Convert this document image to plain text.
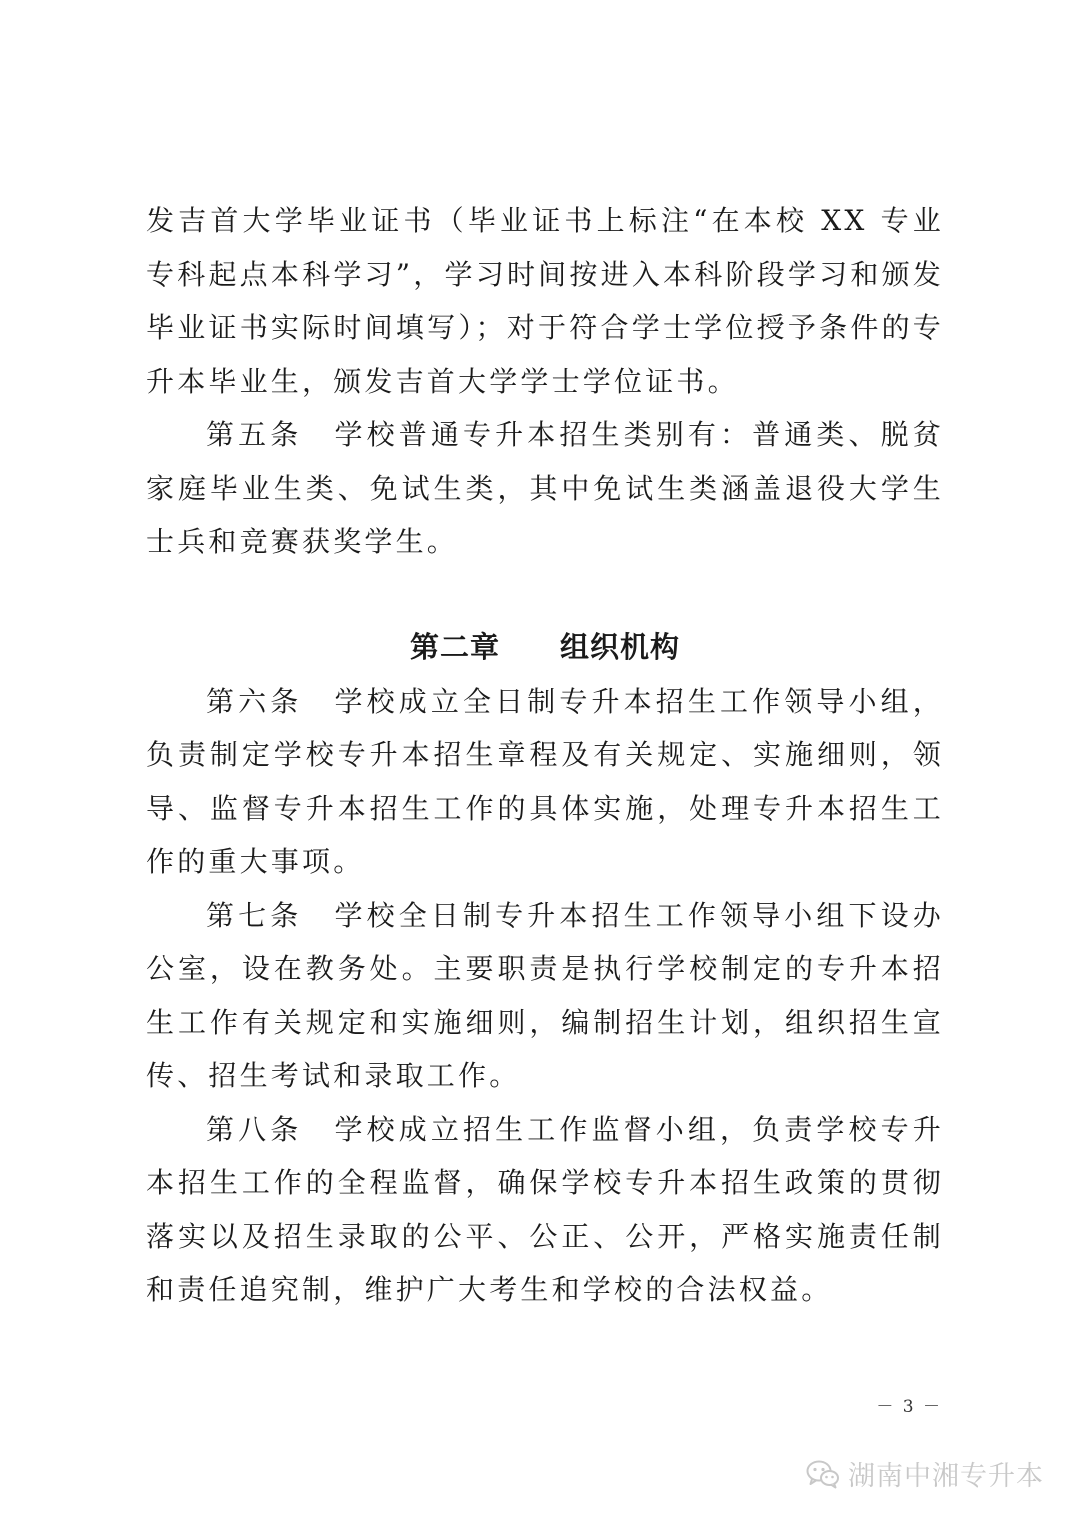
发吉首大学毕业证书（毕业证书上标注“在本校 XX 专业专科起点本科学习”，学习时间按进入本科阶段学习和颁发毕业证书实际时间填写）；对于符合学士学位授予条件的专升本毕业生，颁发吉首大学学士学位证书。

第五条　学校普通专升本招生类别有：普通类、脱贫家庭毕业生类、免试生类，其中免试生类涵盖退役大学生士兵和竞赛获奖学生。

第二章　　组织机构

第六条　学校成立全日制专升本招生工作领导小组，负责制定学校专升本招生章程及有关规定、实施细则，领导、监督专升本招生工作的具体实施，处理专升本招生工作的重大事项。

第七条　学校全日制专升本招生工作领导小组下设办公室，设在教务处。主要职责是执行学校制定的专升本招生工作有关规定和实施细则，编制招生计划，组织招生宣传、招生考试和录取工作。

第八条　学校成立招生工作监督小组，负责学校专升本招生工作的全程监督，确保学校专升本招生政策的贯彻落实以及招生录取的公平、公正、公开，严格实施责任制和责任追究制，维护广大考生和学校的合法权益。

－ 3 －
湖南中湘专升本
